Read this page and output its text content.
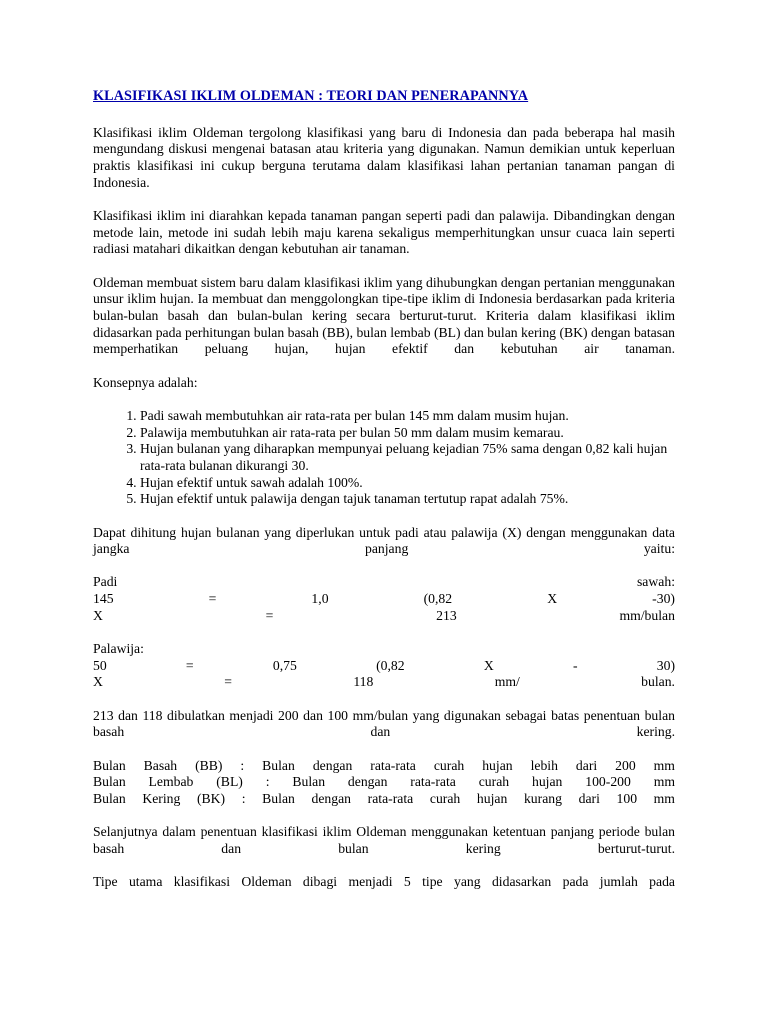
KLASIFIKASI IKLIM OLDEMAN : TEORI DAN PENERAPANNYA

Klasifikasi iklim Oldeman tergolong klasifikasi yang baru di Indonesia dan pada beberapa hal masih mengundang diskusi mengenai batasan atau kriteria yang digunakan. Namun demikian untuk keperluan praktis klasifikasi ini cukup berguna terutama dalam klasifikasi lahan pertanian tanaman pangan di Indonesia.

Klasifikasi iklim ini diarahkan kepada tanaman pangan seperti padi dan palawija. Dibandingkan dengan metode lain, metode ini sudah lebih maju karena sekaligus memperhitungkan unsur cuaca lain seperti radiasi matahari dikaitkan dengan kebutuhan air tanaman.

Oldeman membuat sistem baru dalam klasifikasi iklim yang dihubungkan dengan pertanian menggunakan unsur iklim hujan. Ia membuat dan menggolongkan tipe-tipe iklim di Indonesia berdasarkan pada kriteria bulan-bulan basah dan bulan-bulan kering secara berturut-turut. Kriteria dalam klasifikasi iklim didasarkan pada perhitungan bulan basah (BB), bulan lembab (BL) dan bulan kering (BK) dengan batasan memperhatikan peluang hujan, hujan efektif dan kebutuhan air tanaman.

Konsepnya adalah:

1. Padi sawah membutuhkan air rata-rata per bulan 145 mm dalam musim hujan.
2. Palawija membutuhkan air rata-rata per bulan 50 mm dalam musim kemarau.
3. Hujan bulanan yang diharapkan mempunyai peluang kejadian 75% sama dengan 0,82 kali hujan rata-rata bulanan dikurangi 30.
4. Hujan efektif untuk sawah adalah 100%.
5. Hujan efektif untuk palawija dengan tajuk tanaman tertutup rapat adalah 75%.

Dapat dihitung hujan bulanan yang diperlukan untuk padi atau palawija (X) dengan menggunakan data jangka panjang yaitu:

Padi	sawah:
145	=	1,0	(0,82	X	-30)
X	=	213	mm/bulan
Palawija:
50	=	0,75	(0,82	X	-	30)
X	=	118	mm/	bulan.

213 dan 118 dibulatkan menjadi 200 dan 100 mm/bulan yang digunakan sebagai batas penentuan bulan basah dan kering.

Bulan Basah (BB) : Bulan dengan rata-rata curah hujan lebih dari 200 mm
Bulan Lembab (BL) : Bulan dengan rata-rata curah hujan 100-200 mm
Bulan Kering (BK) : Bulan dengan rata-rata curah hujan kurang dari 100 mm

Selanjutnya dalam penentuan klasifikasi iklim Oldeman menggunakan ketentuan panjang periode bulan basah dan bulan kering berturut-turut.

Tipe utama klasifikasi Oldeman dibagi menjadi 5 tipe yang didasarkan pada jumlah pada
